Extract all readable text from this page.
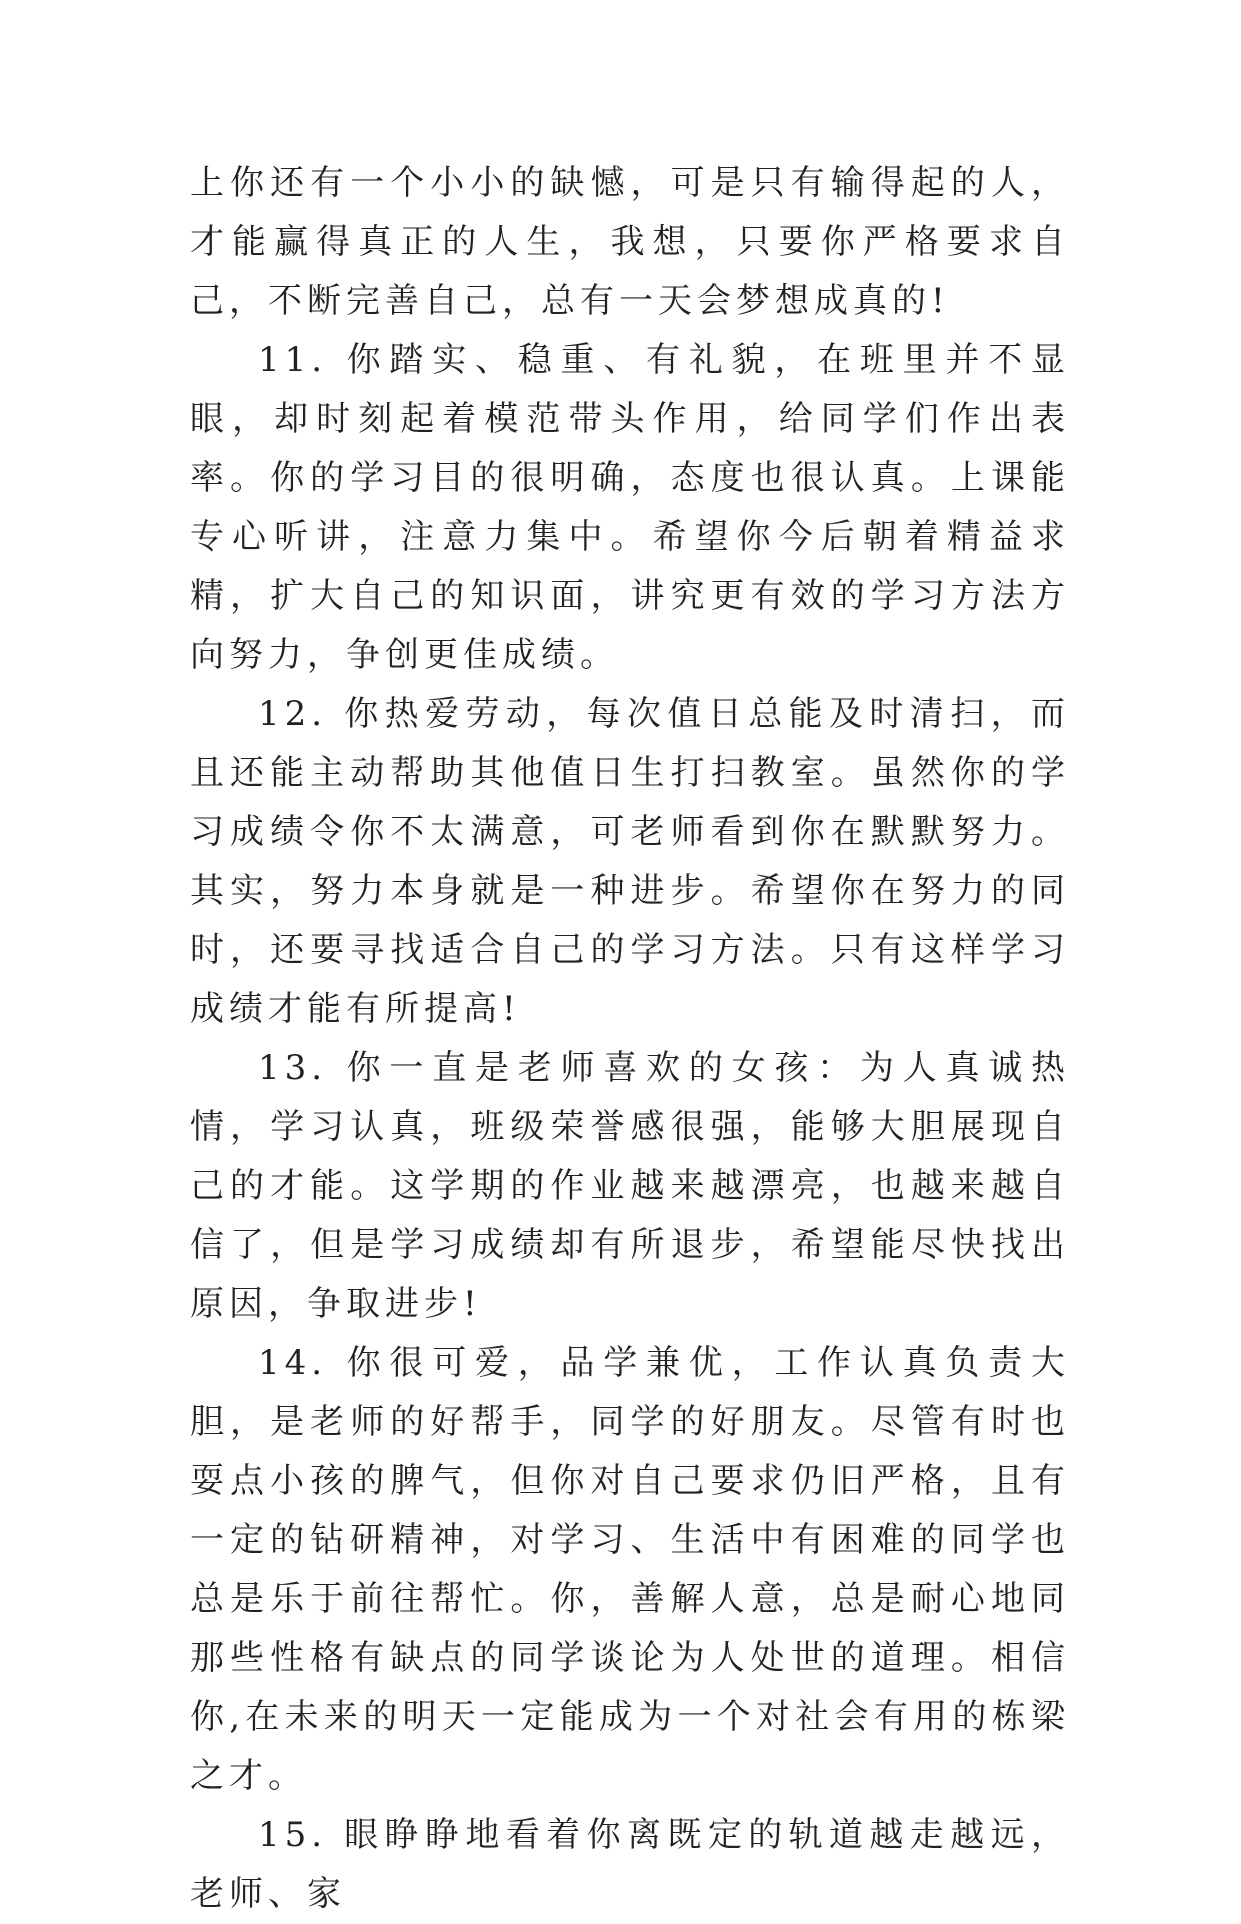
上你还有一个小小的缺憾，可是只有输得起的人，才能赢得真正的人生，我想，只要你严格要求自己，不断完善自己，总有一天会梦想成真的!

11. 你踏实、稳重、有礼貌，在班里并不显眼，却时刻起着模范带头作用，给同学们作出表率。你的学习目的很明确，态度也很认真。上课能专心听讲，注意力集中。希望你今后朝着精益求精，扩大自己的知识面，讲究更有效的学习方法方向努力，争创更佳成绩。

12. 你热爱劳动，每次值日总能及时清扫，而且还能主动帮助其他值日生打扫教室。虽然你的学习成绩令你不太满意，可老师看到你在默默努力。其实，努力本身就是一种进步。希望你在努力的同时，还要寻找适合自己的学习方法。只有这样学习成绩才能有所提高!

13. 你一直是老师喜欢的女孩：为人真诚热情，学习认真，班级荣誉感很强，能够大胆展现自己的才能。这学期的作业越来越漂亮，也越来越自信了，但是学习成绩却有所退步，希望能尽快找出原因，争取进步!

14. 你很可爱，品学兼优，工作认真负责大胆，是老师的好帮手，同学的好朋友。尽管有时也耍点小孩的脾气，但你对自己要求仍旧严格，且有一定的钻研精神，对学习、生活中有困难的同学也总是乐于前往帮忙。你，善解人意，总是耐心地同那些性格有缺点的同学谈论为人处世的道理。相信你,在未来的明天一定能成为一个对社会有用的栋梁之才。

15. 眼睁睁地看着你离既定的轨道越走越远，老师、家
